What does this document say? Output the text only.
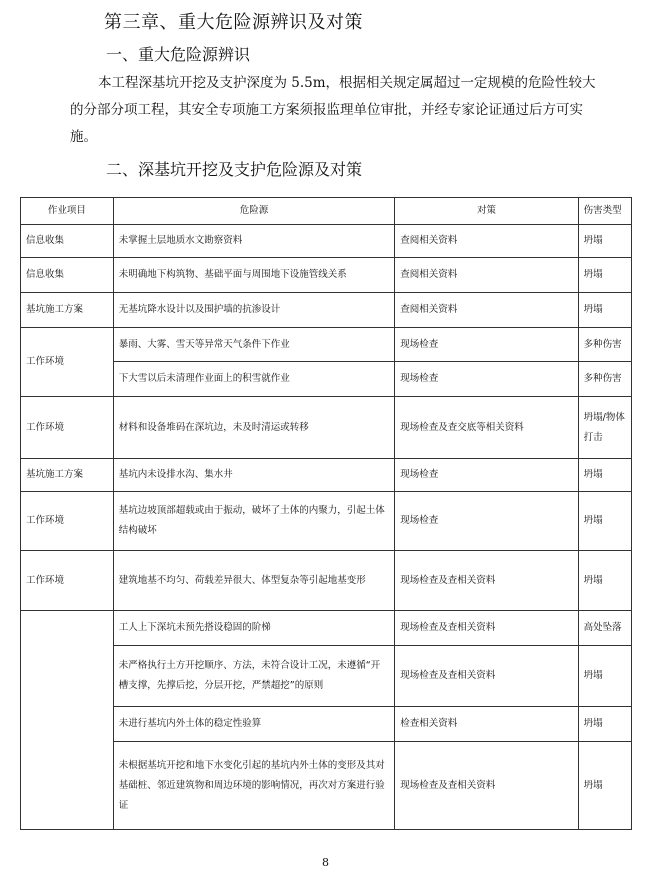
第三章、重大危险源辨识及对策
一、重大危险源辨识

本工程深基坑开挖及支护深度为 5.5m，根据相关规定属超过一定规模的危险性较大的分部分项工程，其安全专项施工方案须报监理单位审批，并经专家论证通过后方可实施。

二、深基坑开挖及支护危险源及对策
作业项目	危险源	对策	伤害类型
信息收集	未掌握土层地质水文勘察资料	查阅相关资料	坍塌
信息收集	未明确地下构筑物、基础平面与周围地下设施管线关系	查阅相关资料	坍塌
基坑施工方案	无基坑降水设计以及围护墙的抗渗设计	查阅相关资料	坍塌
工作环境	暴雨、大雾、雪天等异常天气条件下作业	现场检查	多种伤害
	下大雪以后未清理作业面上的积雪就作业	现场检查	多种伤害
工作环境	材料和设备堆码在深坑边，未及时清运或转移	现场检查及查交底等相关资料	坍塌/物体打击
基坑施工方案	基坑内未设排水沟、集水井	现场检查	坍塌
工作环境	基坑边坡顶部超载或由于振动，破坏了土体的内聚力，引起土体结构破坏	现场检查	坍塌
工作环境	建筑地基不均匀、荷载差异很大、体型复杂等引起地基变形	现场检查及查相关资料	坍塌
	工人上下深坑未预先搭设稳固的阶梯	现场检查及查相关资料	高处坠落
	未严格执行土方开挖顺序、方法，未符合设计工况，未遵循“开槽支撑，先撑后挖，分层开挖，严禁超挖”的原则	现场检查及查相关资料	坍塌
	未进行基坑内外土体的稳定性验算	检查相关资料	坍塌
	未根据基坑开挖和地下水变化引起的基坑内外土体的变形及其对基础桩、邻近建筑物和周边环境的影响情况，再次对方案进行验证	现场检查及查相关资料	坍塌
8
